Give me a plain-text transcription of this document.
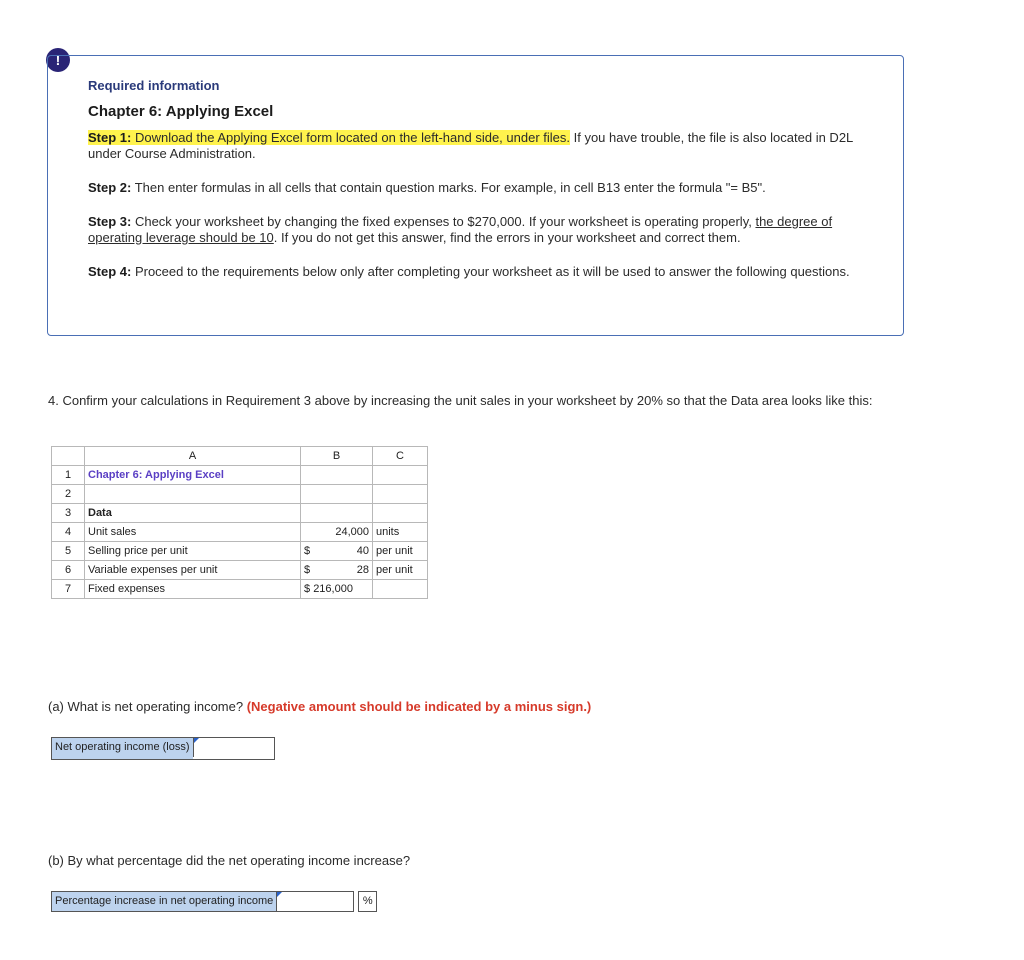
!
Required information
Chapter 6: Applying Excel
Step 1: Download the Applying Excel form located on the left-hand side, under files. If you have trouble, the file is also located in D2L under Course Administration.
Step 2: Then enter formulas in all cells that contain question marks. For example, in cell B13 enter the formula "= B5".
Step 3: Check your worksheet by changing the fixed expenses to $270,000. If your worksheet is operating properly, the degree of operating leverage should be 10. If you do not get this answer, find the errors in your worksheet and correct them.
Step 4: Proceed to the requirements below only after completing your worksheet as it will be used to answer the following questions.
4. Confirm your calculations in Requirement 3 above by increasing the unit sales in your worksheet by 20% so that the Data area looks like this:
	A	B	C
1	Chapter 6: Applying Excel		
2			
3	Data		
4	Unit sales	24,000	units
5	Selling price per unit	$ 40	per unit
6	Variable expenses per unit	$ 28	per unit
7	Fixed expenses	$ 216,000	
(a) What is net operating income? (Negative amount should be indicated by a minus sign.)
Net operating income (loss)
(b) By what percentage did the net operating income increase?
Percentage increase in net operating income	%
